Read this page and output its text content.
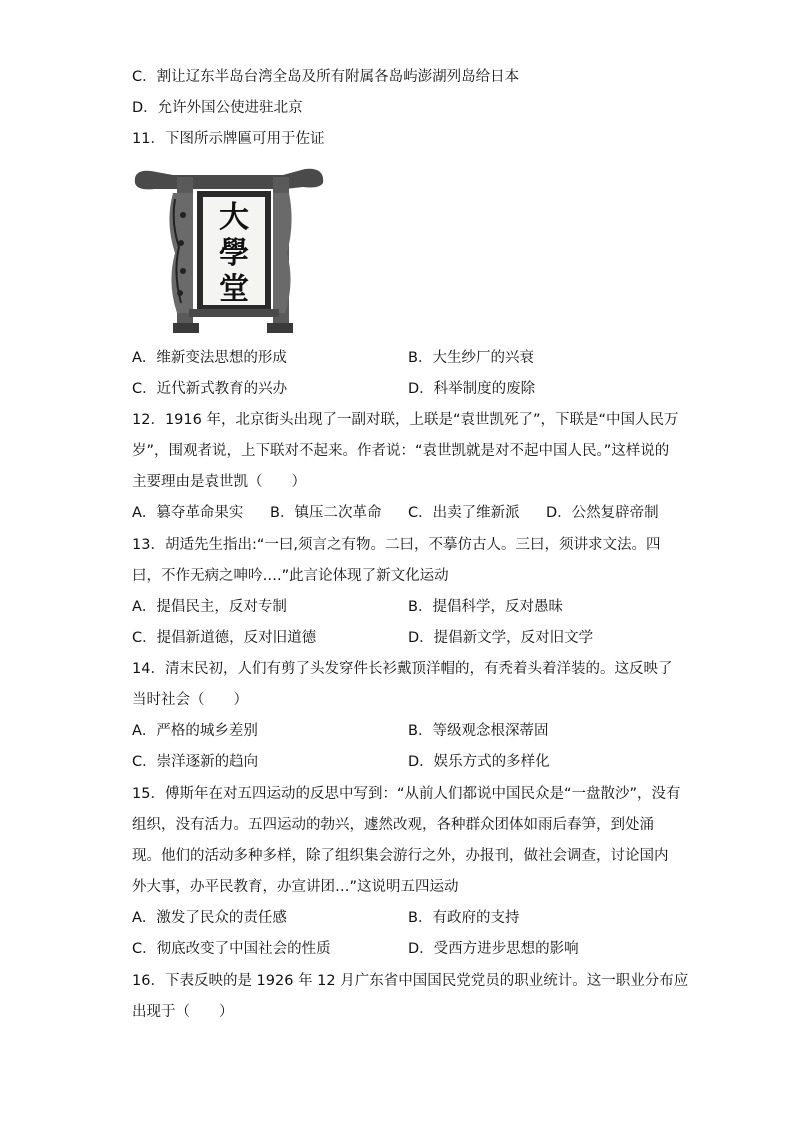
C．割让辽东半岛台湾全岛及所有附属各岛屿澎湖列岛给日本
D．允许外国公使进驻北京
11．下图所示牌匾可用于佐证
大
學
堂
A．维新变法思想的形成	B．大生纱厂的兴衰
C．近代新式教育的兴办	D．科举制度的废除
12．1916 年，北京街头出现了一副对联，上联是“袁世凯死了”，下联是“中国人民万
岁”，围观者说，上下联对不起来。作者说：“袁世凯就是对不起中国人民。”这样说的
主要理由是袁世凯（　　）
A．篡夺革命果实 B．镇压二次革命 C．出卖了维新派 D．公然复辟帝制
13．胡适先生指出:“一曰,须言之有物。二曰，不摹仿古人。三曰，须讲求文法。四
曰，不作无病之呻吟….”此言论体现了新文化运动
A．提倡民主，反对专制	B．提倡科学，反对愚昧
C．提倡新道德，反对旧道德	D．提倡新文学，反对旧文学
14．清末民初，人们有剪了头发穿件长衫戴顶洋帽的，有秃着头着洋装的。这反映了
当时社会（　　）
A．严格的城乡差别	B．等级观念根深蒂固
C．崇洋逐新的趋向	D．娱乐方式的多样化
15．傅斯年在对五四运动的反思中写到：“从前人们都说中国民众是“一盘散沙”，没有
组织，没有活力。五四运动的勃兴，遽然改观，各种群众团体如雨后春笋，到处涌
现。他们的活动多种多样，除了组织集会游行之外，办报刊，做社会调查，讨论国内
外大事，办平民教育，办宣讲团…”这说明五四运动
A．激发了民众的责任感	B．有政府的支持
C．彻底改变了中国社会的性质	D．受西方进步思想的影响
16．下表反映的是 1926 年 12 月广东省中国国民党党员的职业统计。这一职业分布应
出现于（　　）
